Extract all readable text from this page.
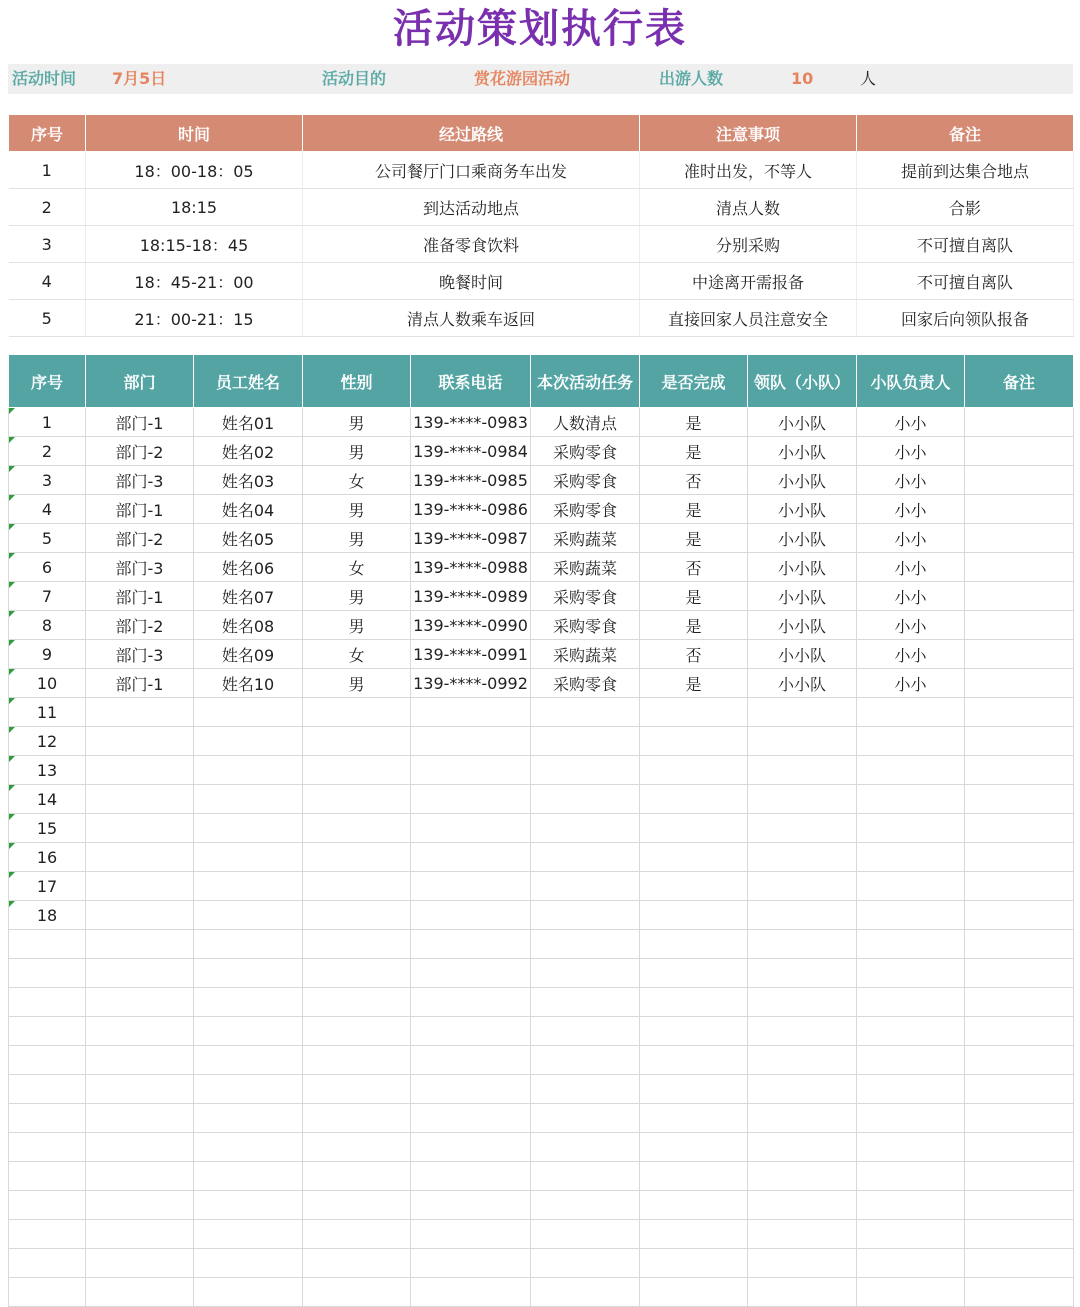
活动策划执行表
活动时间 7月5日	活动目的	赏花游园活动	出游人数	10	人
序号	时间	经过路线	注意事项	备注
1	18：00-18：05	公司餐厅门口乘商务车出发	准时出发，不等人	提前到达集合地点
2	18:15	到达活动地点	清点人数	合影
3	18:15-18：45	准备零食饮料	分别采购	不可擅自离队
4	18：45-21：00	晚餐时间	中途离开需报备	不可擅自离队
5	21：00-21：15	清点人数乘车返回	直接回家人员注意安全	回家后向领队报备
序号	部门	员工姓名	性别	联系电话	本次活动任务	是否完成	领队（小队）	小队负责人	备注
1	部门-1	姓名01	男	139-****-0983	人数清点	是	小小队	小小	
2	部门-2	姓名02	男	139-****-0984	采购零食	是	小小队	小小	
3	部门-3	姓名03	女	139-****-0985	采购零食	否	小小队	小小	
4	部门-1	姓名04	男	139-****-0986	采购零食	是	小小队	小小	
5	部门-2	姓名05	男	139-****-0987	采购蔬菜	是	小小队	小小	
6	部门-3	姓名06	女	139-****-0988	采购蔬菜	否	小小队	小小	
7	部门-1	姓名07	男	139-****-0989	采购零食	是	小小队	小小	
8	部门-2	姓名08	男	139-****-0990	采购零食	是	小小队	小小	
9	部门-3	姓名09	女	139-****-0991	采购蔬菜	否	小小队	小小	
10	部门-1	姓名10	男	139-****-0992	采购零食	是	小小队	小小	
11									
12									
13									
14									
15									
16									
17									
18									
